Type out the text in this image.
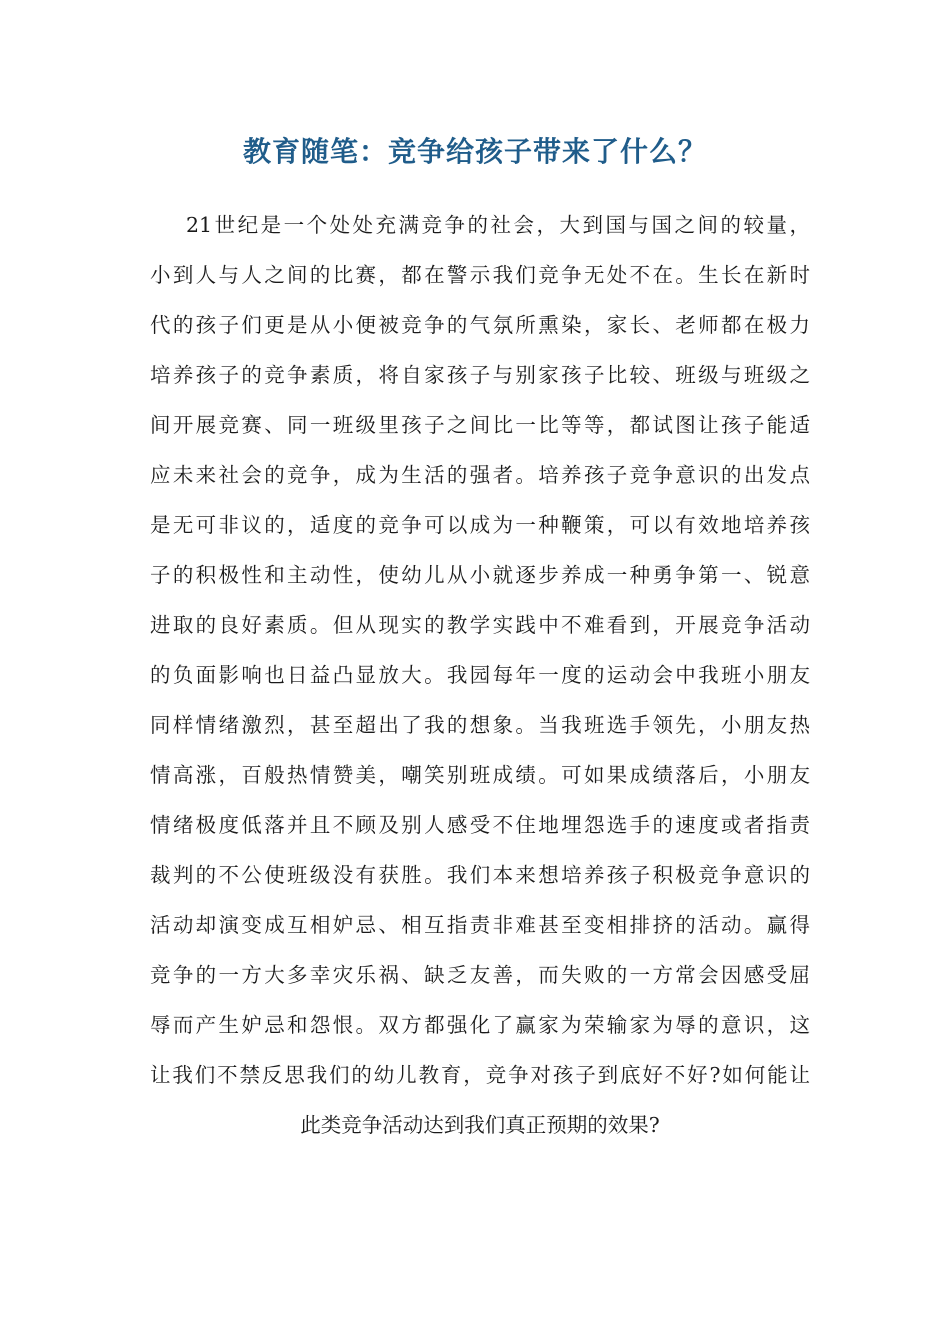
教育随笔：竞争给孩子带来了什么？
21世纪是一个处处充满竞争的社会，大到国与国之间的较量，
小到人与人之间的比赛，都在警示我们竞争无处不在。生长在新时
代的孩子们更是从小便被竞争的气氛所熏染，家长、老师都在极力
培养孩子的竞争素质，将自家孩子与别家孩子比较、班级与班级之
间开展竞赛、同一班级里孩子之间比一比等等，都试图让孩子能适
应未来社会的竞争，成为生活的强者。培养孩子竞争意识的出发点
是无可非议的，适度的竞争可以成为一种鞭策，可以有效地培养孩
子的积极性和主动性，使幼儿从小就逐步养成一种勇争第一、锐意
进取的良好素质。但从现实的教学实践中不难看到，开展竞争活动
的负面影响也日益凸显放大。我园每年一度的运动会中我班小朋友
同样情绪激烈，甚至超出了我的想象。当我班选手领先，小朋友热
情高涨，百般热情赞美，嘲笑别班成绩。可如果成绩落后，小朋友
情绪极度低落并且不顾及别人感受不住地埋怨选手的速度或者指责
裁判的不公使班级没有获胜。我们本来想培养孩子积极竞争意识的
活动却演变成互相妒忌、相互指责非难甚至变相排挤的活动。赢得
竞争的一方大多幸灾乐祸、缺乏友善，而失败的一方常会因感受屈
辱而产生妒忌和怨恨。双方都强化了赢家为荣输家为辱的意识，这
让我们不禁反思我们的幼儿教育，竞争对孩子到底好不好?如何能让
此类竞争活动达到我们真正预期的效果?
